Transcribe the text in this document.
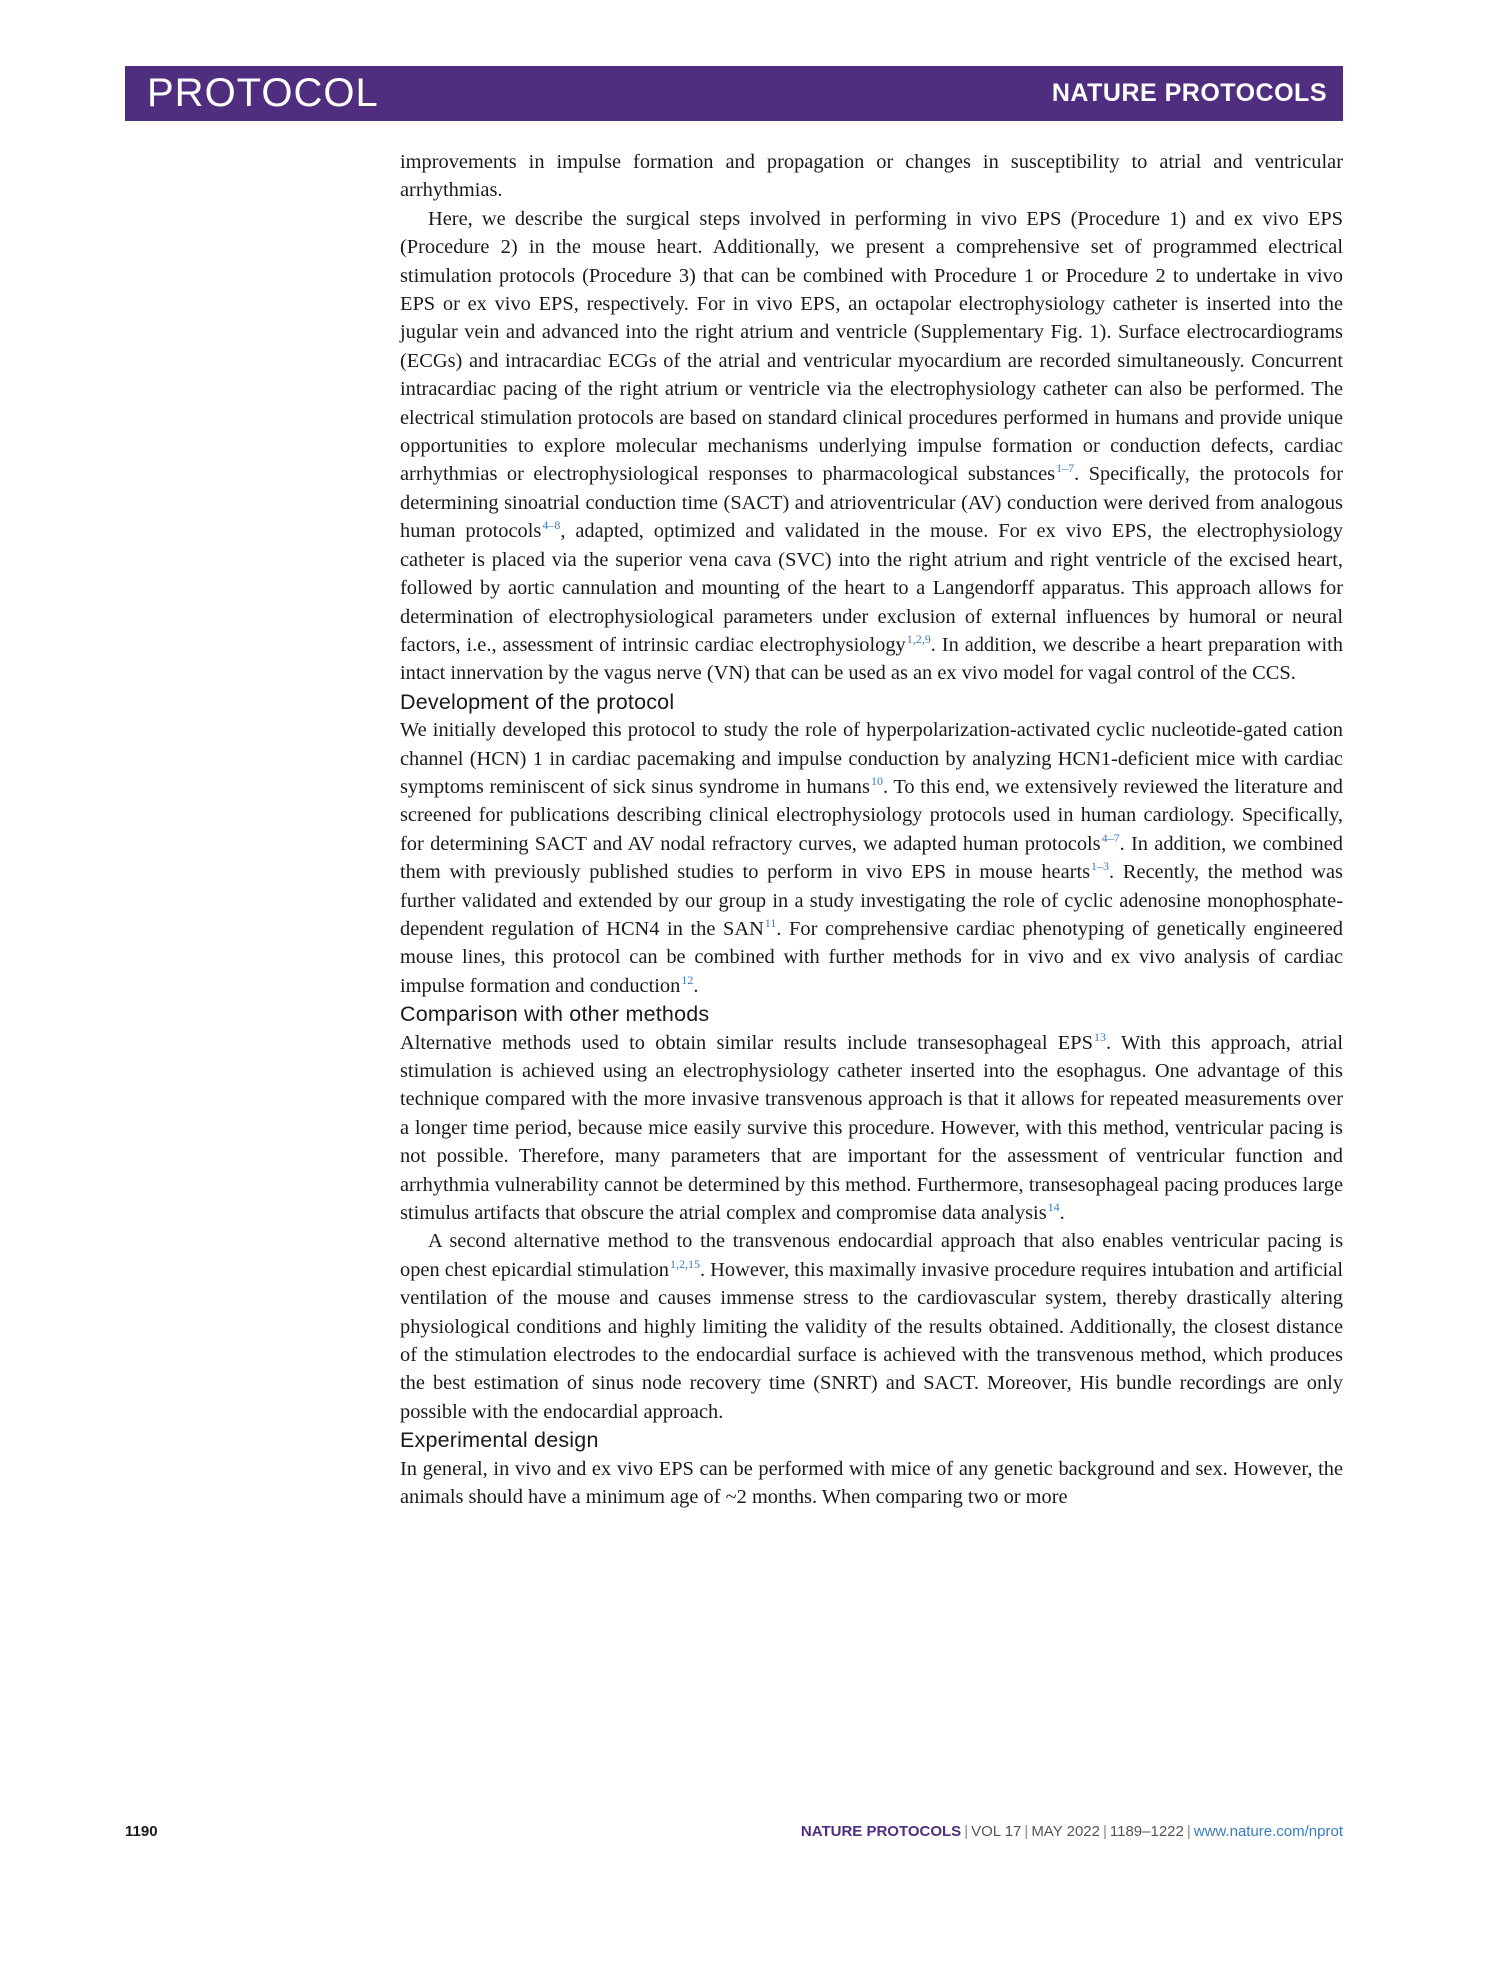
PROTOCOL	NATURE PROTOCOLS

improvements in impulse formation and propagation or changes in susceptibility to atrial and ventricular arrhythmias.

Here, we describe the surgical steps involved in performing in vivo EPS (Procedure 1) and ex vivo EPS (Procedure 2) in the mouse heart. Additionally, we present a comprehensive set of programmed electrical stimulation protocols (Procedure 3) that can be combined with Procedure 1 or Procedure 2 to undertake in vivo EPS or ex vivo EPS, respectively. For in vivo EPS, an octapolar electrophysiology catheter is inserted into the jugular vein and advanced into the right atrium and ventricle (Supplementary Fig. 1). Surface electrocardiograms (ECGs) and intracardiac ECGs of the atrial and ventricular myocardium are recorded simultaneously. Concurrent intracardiac pacing of the right atrium or ventricle via the electrophysiology catheter can also be performed. The electrical stimulation protocols are based on standard clinical procedures performed in humans and provide unique opportunities to explore molecular mechanisms underlying impulse formation or conduction defects, cardiac arrhythmias or electrophysiological responses to pharmacological substances$^{1-7}$. Specifically, the protocols for determining sinoatrial conduction time (SACT) and atrioventricular (AV) conduction were derived from analogous human protocols$^{4-8}$, adapted, optimized and validated in the mouse. For ex vivo EPS, the electrophysiology catheter is placed via the superior vena cava (SVC) into the right atrium and right ventricle of the excised heart, followed by aortic cannulation and mounting of the heart to a Langendorff apparatus. This approach allows for determination of electrophysiological parameters under exclusion of external influences by humoral or neural factors, i.e., assessment of intrinsic cardiac electrophysiology$^{1,2,9}$. In addition, we describe a heart preparation with intact innervation by the vagus nerve (VN) that can be used as an ex vivo model for vagal control of the CCS.

Development of the protocol

We initially developed this protocol to study the role of hyperpolarization-activated cyclic nucleotide-gated cation channel (HCN) 1 in cardiac pacemaking and impulse conduction by analyzing HCN1-deficient mice with cardiac symptoms reminiscent of sick sinus syndrome in humans$^{10}$. To this end, we extensively reviewed the literature and screened for publications describing clinical electrophysiology protocols used in human cardiology. Specifically, for determining SACT and AV nodal refractory curves, we adapted human protocols$^{4-7}$. In addition, we combined them with previously published studies to perform in vivo EPS in mouse hearts$^{1-3}$. Recently, the method was further validated and extended by our group in a study investigating the role of cyclic adenosine monophosphate-dependent regulation of HCN4 in the SAN$^{11}$. For comprehensive cardiac phenotyping of genetically engineered mouse lines, this protocol can be combined with further methods for in vivo and ex vivo analysis of cardiac impulse formation and conduction$^{12}$.

Comparison with other methods

Alternative methods used to obtain similar results include transesophageal EPS$^{13}$. With this approach, atrial stimulation is achieved using an electrophysiology catheter inserted into the esophagus. One advantage of this technique compared with the more invasive transvenous approach is that it allows for repeated measurements over a longer time period, because mice easily survive this procedure. However, with this method, ventricular pacing is not possible. Therefore, many parameters that are important for the assessment of ventricular function and arrhythmia vulnerability cannot be determined by this method. Furthermore, transesophageal pacing produces large stimulus artifacts that obscure the atrial complex and compromise data analysis$^{14}$.

A second alternative method to the transvenous endocardial approach that also enables ventricular pacing is open chest epicardial stimulation$^{1,2,15}$. However, this maximally invasive procedure requires intubation and artificial ventilation of the mouse and causes immense stress to the cardiovascular system, thereby drastically altering physiological conditions and highly limiting the validity of the results obtained. Additionally, the closest distance of the stimulation electrodes to the endocardial surface is achieved with the transvenous method, which produces the best estimation of sinus node recovery time (SNRT) and SACT. Moreover, His bundle recordings are only possible with the endocardial approach.

Experimental design

In general, in vivo and ex vivo EPS can be performed with mice of any genetic background and sex. However, the animals should have a minimum age of ~2 months. When comparing two or more

1190	NATURE PROTOCOLS | VOL 17 | MAY 2022 | 1189–1222 | www.nature.com/nprot
